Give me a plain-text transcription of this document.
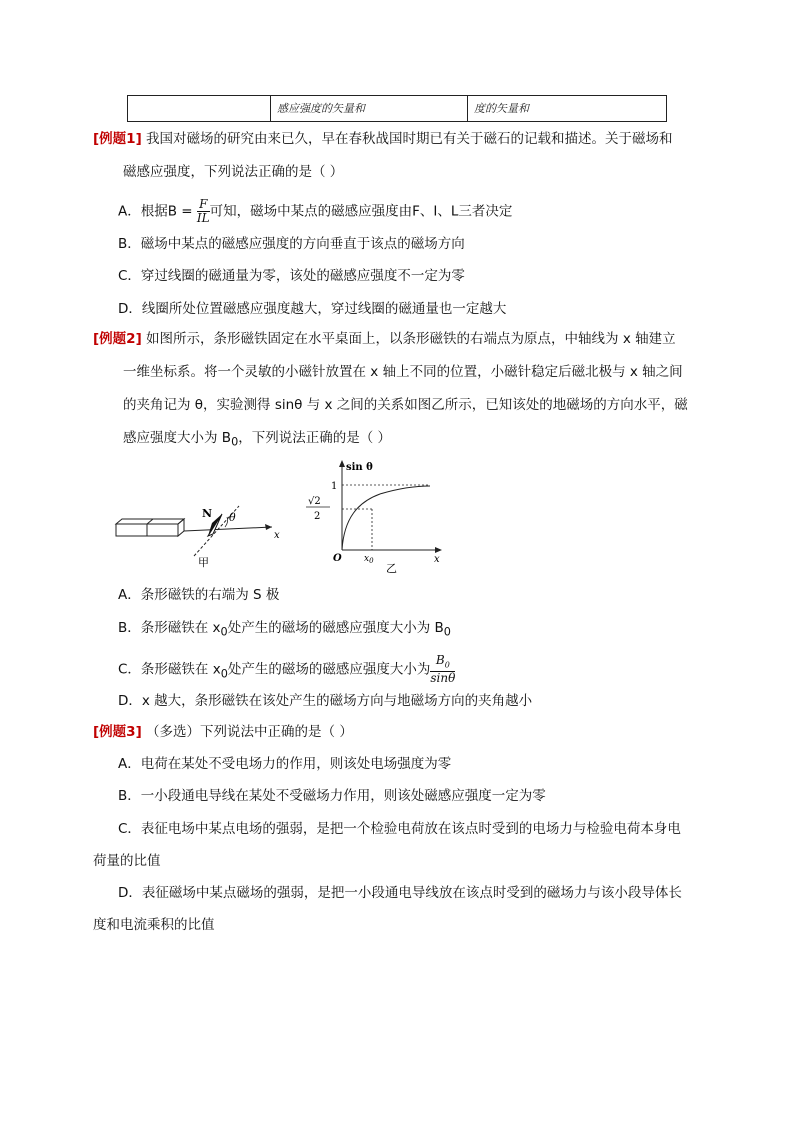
感应强度的矢量和	度的矢量和
[例题1] 我国对磁场的研究由来已久，早在春秋战国时期已有关于磁石的记载和描述。关于磁场和
磁感应强度，下列说法正确的是（ ）
A．根据$B = \frac{F}{IL}$ 可知，磁场中某点的磁感应强度由F、I、L三者决定
B．磁场中某点的磁感应强度的方向垂直于该点的磁场方向
C．穿过线圈的磁通量为零，该处的磁感应强度不一定为零
D．线圈所处位置磁感应强度越大，穿过线圈的磁通量也一定越大
[例题2] 如图所示，条形磁铁固定在水平桌面上，以条形磁铁的右端点为原点，中轴线为 x 轴建立
一维坐标系。将一个灵敏的小磁针放置在 x 轴上不同的位置，小磁针稳定后磁北极与 x 轴之间
的夹角记为 θ，实验测得 sinθ 与 x 之间的关系如图乙所示，已知该处的地磁场的方向水平，磁
感应强度大小为 $B_0$，下列说法正确的是（ ）
N θ
x
甲
sin θ
1
√2
2
O $x_0$	x
乙
A．条形磁铁的右端为 S 极
B．条形磁铁在 $x_0$处产生的磁场的磁感应强度大小为 $B_0$
C．条形磁铁在 $x_0$处产生的磁场的磁感应强度大小为 $\frac{B_0}{\sin\theta}$
D．x 越大，条形磁铁在该处产生的磁场方向与地磁场方向的夹角越小
[例题3] （多选）下列说法中正确的是（ ）
A．电荷在某处不受电场力的作用，则该处电场强度为零
B．一小段通电导线在某处不受磁场力作用，则该处磁感应强度一定为零
C．表征电场中某点电场的强弱，是把一个检验电荷放在该点时受到的电场力与检验电荷本身电
荷量的比值
D．表征磁场中某点磁场的强弱，是把一小段通电导线放在该点时受到的磁场力与该小段导体长
度和电流乘积的比值
